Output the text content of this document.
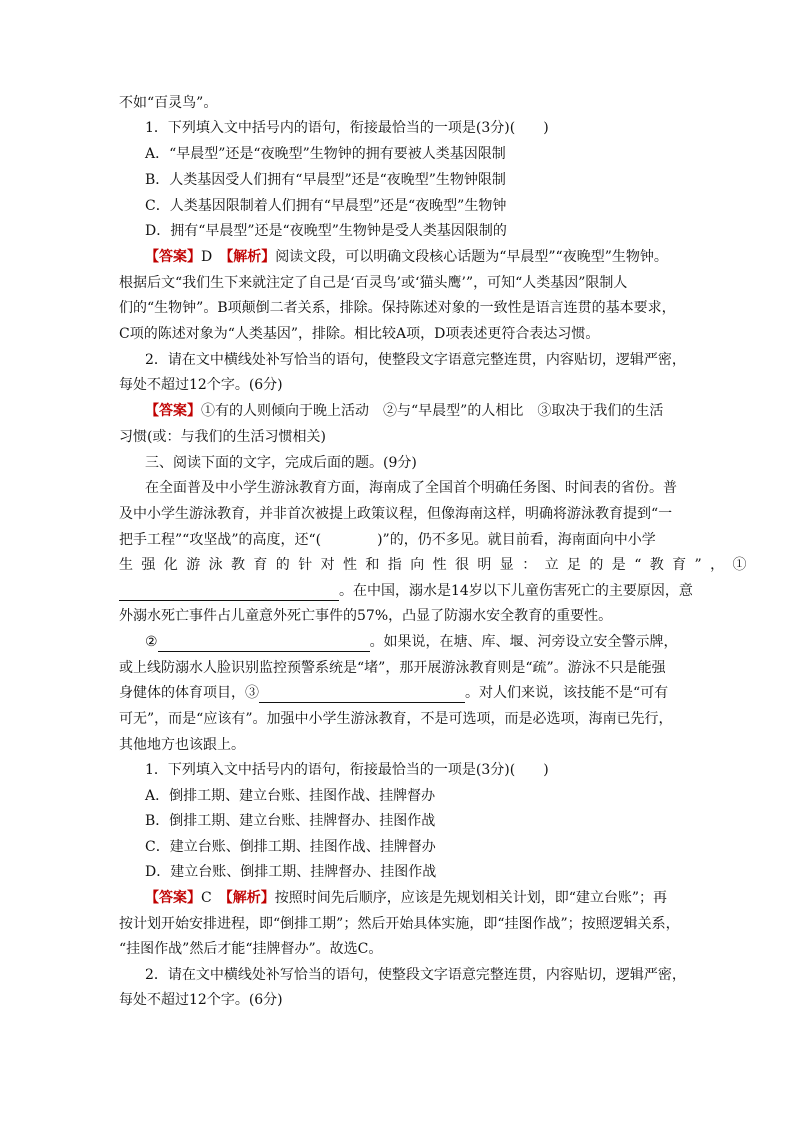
不如“百灵鸟”。
1．下列填入文中括号内的语句，衔接最恰当的一项是(3分)(　　)
A．“早晨型”还是“夜晚型”生物钟的拥有要被人类基因限制
B．人类基因受人们拥有“早晨型”还是“夜晚型”生物钟限制
C．人类基因限制着人们拥有“早晨型”还是“夜晚型”生物钟
D．拥有“早晨型”还是“夜晚型”生物钟是受人类基因限制的
【答案】D　【解析】阅读文段，可以明确文段核心话题为“早晨型”“夜晚型”生物钟。
根据后文“我们生下来就注定了自己是‘百灵鸟’或‘猫头鹰’”，可知“人类基因”限制人
们的“生物钟”。B项颠倒二者关系，排除。保持陈述对象的一致性是语言连贯的基本要求，
C项的陈述对象为“人类基因”，排除。相比较A项，D项表述更符合表达习惯。
2．请在文中横线处补写恰当的语句，使整段文字语意完整连贯，内容贴切，逻辑严密，
每处不超过12个字。(6分)
【答案】①有的人则倾向于晚上活动　②与“早晨型”的人相比　③取决于我们的生活
习惯(或：与我们的生活习惯相关)
三、阅读下面的文字，完成后面的题。(9分)
在全面普及中小学生游泳教育方面，海南成了全国首个明确任务图、时间表的省份。普
及中小学生游泳教育，并非首次被提上政策议程，但像海南这样，明确将游泳教育提到“一
把手工程”“攻坚战”的高度，还“(　　　　)”的，仍不多见。就目前看，海南面向中小学
生强化游泳教育的针对性和指向性很明显：立足的是“教育”，①
。在中国，溺水是14岁以下儿童伤害死亡的主要原因，意
外溺水死亡事件占儿童意外死亡事件的57%，凸显了防溺水安全教育的重要性。
②	。如果说，在塘、库、堰、河旁设立安全警示牌，
或上线防溺水人脸识别监控预警系统是“堵”，那开展游泳教育则是“疏”。游泳不只是能强
身健体的体育项目，③	。对人们来说，该技能不是“可有
可无”，而是“应该有”。加强中小学生游泳教育，不是可选项，而是必选项，海南已先行，
其他地方也该跟上。
1．下列填入文中括号内的语句，衔接最恰当的一项是(3分)(　　)
A．倒排工期、建立台账、挂图作战、挂牌督办
B．倒排工期、建立台账、挂牌督办、挂图作战
C．建立台账、倒排工期、挂图作战、挂牌督办
D．建立台账、倒排工期、挂牌督办、挂图作战
【答案】C　【解析】按照时间先后顺序，应该是先规划相关计划，即“建立台账”；再
按计划开始安排进程，即“倒排工期”；然后开始具体实施，即“挂图作战”；按照逻辑关系，
“挂图作战”然后才能“挂牌督办”。故选C。
2．请在文中横线处补写恰当的语句，使整段文字语意完整连贯，内容贴切，逻辑严密，
每处不超过12个字。(6分)
